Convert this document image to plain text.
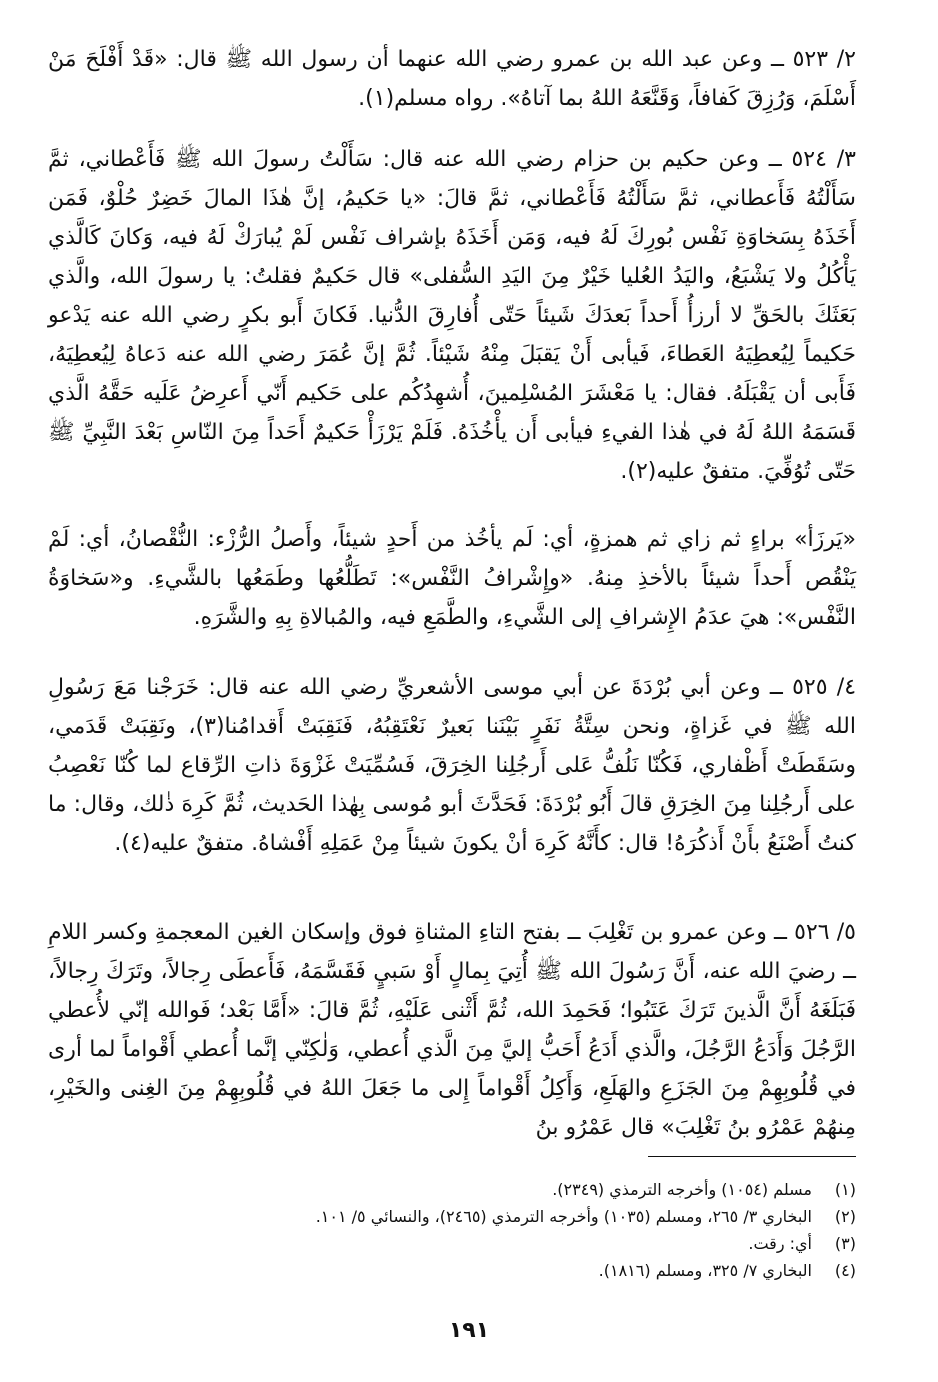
٢/ ٥٢٣ ــ وعن عبد الله بن عمرو رضي الله عنهما أن رسول الله ﷺ قال: «قَدْ أَفْلَحَ مَنْ أَسْلَمَ، وَرُزِقَ كَفافاً، وَقَنَّعَهُ اللهُ بما آتاهُ». رواه مسلم(١).

٣/ ٥٢٤ ــ وعن حكيم بن حزام رضي الله عنه قال: سَأَلْتُ رسولَ الله ﷺ فَأَعْطاني، ثمَّ سَأَلْتُهُ فَأَعطاني، ثمَّ سَأَلْتُهُ فَأَعْطاني، ثمَّ قالَ: «يا حَكيمُ، إنَّ هٰذَا المالَ خَضِرٌ حُلْوٌ، فَمَن أَخَذَهُ بِسَخاوَةِ نَفْس بُورِكَ لَهُ فيه، وَمَن أَخَذَهُ بإشراف نَفْس لَمْ يُبارَكْ لَهُ فيه، وَكانَ كَالَّذي يَأْكُلُ ولا يَشْبَعُ، واليَدُ العُليا خَيْرٌ مِنَ اليَدِ السُّفلى» قال حَكيمٌ فقلتُ: يا رسولَ الله، والَّذي بَعَثَكَ بالحَقِّ لا أرزأُ أَحداً بَعدَكَ شَيئاً حَتّى أُفارِقَ الدُّنيا. فَكانَ أَبو بكرٍ رضي الله عنه يَدْعو حَكيماً لِيُعطِيَهُ العَطاءَ، فَيأبى أَنْ يَقبَلَ مِنْهُ شَيْئاً. ثُمَّ إنَّ عُمَرَ رضي الله عنه دَعاهُ لِيُعطِيَهُ، فَأَبى أن يَقْبَلَهُ. فقال: يا مَعْشَرَ المُسْلِمينَ، أُشهِدُكُم على حَكيم أَنّي أَعرِضُ عَلَيه حَقَّهُ الَّذي قَسَمَهُ اللهُ لَهُ في هٰذا الفيءِ فيأبى أَن يأْخُذَهُ. فَلَمْ يَرْزَأْ حَكيمٌ أَحَداً مِنَ النّاسِ بَعْدَ النَّبِيِّ ﷺ حَتّى تُوُفِّيَ. متفقٌ عليه(٢).

«يَرزَأ» براءٍ ثم زاي ثم همزةٍ، أي: لَم يأخُذ من أَحدٍ شيئاً، وأَصلُ الرُّزْء: النُّقْصانُ، أي: لَمْ يَنْقُص أَحداً شيئاً بالأخذِ مِنهُ. «وإِشْرافُ النَّفْس»: تَطَلُّعُها وطَمَعُها بالشَّيءِ. و«سَخاوَةُ النَّفْس»: هيَ عدَمُ الإِشرافِ إلى الشَّيءِ، والطَّمَعِ فيه، والمُبالاةِ بِهِ والشَّرَهِ.

٤/ ٥٢٥ ــ وعن أبي بُرْدَةَ عن أبي موسى الأشعريِّ رضي الله عنه قال: خَرَجْنا مَعَ رَسُولِ الله ﷺ في غَزاةٍ، ونحن سِتَّةُ نَفَرٍ بَيْنَنا بَعيرٌ نَعْتَقِبُهُ، فَنَقِبَتْ أَقدامُنا(٣)، ونَقِبَتْ قَدَمي، وسَقَطَتْ أَظْفاري، فَكُنّا نَلُفُّ عَلى أَرجُلِنا الخِرَقَ، فَسُمِّيَتْ غَزْوَةَ ذاتِ الرِّقاع لما كُنّا نَعْصِبُ على أَرجُلِنا مِنَ الخِرَقِ قالَ أَبُو بُرْدَةَ: فَحَدَّثَ أبو مُوسى بِهٰذا الحَديث، ثُمَّ كَرِهَ ذٰلك، وقال: ما كنتُ أَصْنَعُ بأَنْ أَذكُرَهُ! قال: كأَنَّهُ كَرِهَ أنْ يكونَ شيئاً مِنْ عَمَلِهِ أَفْشاهُ. متفقٌ عليه(٤).

٥/ ٥٢٦ ــ وعن عمرو بن تَغْلِبَ ــ بفتح التاءِ المثناةِ فوق وإسكان الغين المعجمةِ وكسر اللامِ ــ رضيَ الله عنه، أَنَّ رَسُولَ الله ﷺ أُتِيَ بِمالٍ أَوْ سَبيٍ فَقَسَّمَهُ، فَأَعطَى رِجالاً، وتَرَكَ رِجالاً، فَبَلَغَهُ أَنَّ الَّذينَ تَرَكَ عَتَبُوا؛ فَحَمِدَ الله، ثُمَّ أَثْنى عَلَيْهِ، ثُمَّ قالَ: «أَمَّا بَعْد؛ فَوالله إنّي لأُعطي الرَّجُلَ وَأَدَعُ الرَّجُلَ، والَّذي أَدَعُ أَحَبُّ إليَّ مِنَ الَّذي أُعطي، وَلٰكِنّي إنَّما أُعطي أَقْواماً لما أرى في قُلُوبِهِمْ مِنَ الجَزَعِ والهَلَعِ، وَأَكِلُ أَقْواماً إِلى ما جَعَلَ اللهُ في قُلُوبِهِمْ مِنَ الغِنى والخَيْرِ، مِنهُمْ عَمْرُو بنُ تَغْلِبَ» قال عَمْرُو بنُ

(١)
مسلم (١٠٥٤) وأخرجه الترمذي (٢٣٤٩).
(٢)
البخاري ٣/ ٢٦٥، ومسلم (١٠٣٥) وأخرجه الترمذي (٢٤٦٥)، والنسائي ٥/ ١٠١.
(٣)
أي: رقت.
(٤)
البخاري ٧/ ٣٢٥، ومسلم (١٨١٦).
١٩١
